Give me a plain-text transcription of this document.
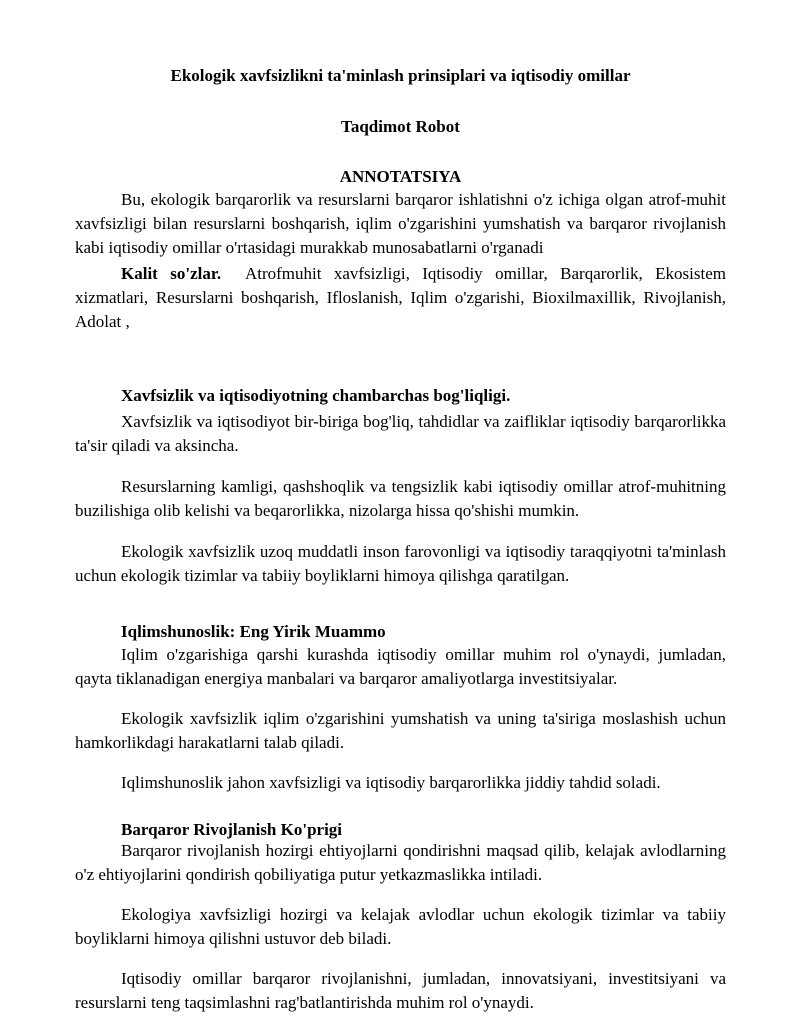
Ekologik xavfsizlikni ta'minlash prinsiplari va iqtisodiy omillar
Taqdimot Robot
ANNOTATSIYA

Bu, ekologik barqarorlik va resurslarni barqaror ishlatishni o'z ichiga olgan atrof-muhit xavfsizligi bilan resurslarni boshqarish, iqlim o'zgarishini yumshatish va barqaror rivojlanish kabi iqtisodiy omillar o'rtasidagi murakkab munosabatlarni o'rganadi

Kalit so'zlar. Atrofmuhit xavfsizligi, Iqtisodiy omillar, Barqarorlik, Ekosistem xizmatlari, Resurslarni boshqarish, Ifloslanish, Iqlim o'zgarishi, Bioxilmaxillik, Rivojlanish, Adolat ,

Xavfsizlik va iqtisodiyotning chambarchas bog'liqligi.

Xavfsizlik va iqtisodiyot bir-biriga bog'liq, tahdidlar va zaifliklar iqtisodiy barqarorlikka ta'sir qiladi va aksincha.

Resurslarning kamligi, qashshoqlik va tengsizlik kabi iqtisodiy omillar atrof-muhitning buzilishiga olib kelishi va beqarorlikka, nizolarga hissa qo'shishi mumkin.

Ekologik xavfsizlik uzoq muddatli inson farovonligi va iqtisodiy taraqqiyotni ta'minlash uchun ekologik tizimlar va tabiiy boyliklarni himoya qilishga qaratilgan.

Iqlimshunoslik: Eng Yirik Muammo

Iqlim o'zgarishiga qarshi kurashda iqtisodiy omillar muhim rol o'ynaydi, jumladan, qayta tiklanadigan energiya manbalari va barqaror amaliyotlarga investitsiyalar.

Ekologik xavfsizlik iqlim o'zgarishini yumshatish va uning ta'siriga moslashish uchun hamkorlikdagi harakatlarni talab qiladi.

Iqlimshunoslik jahon xavfsizligi va iqtisodiy barqarorlikka jiddiy tahdid soladi.

Barqaror Rivojlanish Ko'prigi

Barqaror rivojlanish hozirgi ehtiyojlarni qondirishni maqsad qilib, kelajak avlodlarning o'z ehtiyojlarini qondirish qobiliyatiga putur yetkazmaslikka intiladi.

Ekologiya xavfsizligi hozirgi va kelajak avlodlar uchun ekologik tizimlar va tabiiy boyliklarni himoya qilishni ustuvor deb biladi.

Iqtisodiy omillar barqaror rivojlanishni, jumladan, innovatsiyani, investitsiyani va resurslarni teng taqsimlashni rag'batlantirishda muhim rol o'ynaydi.
